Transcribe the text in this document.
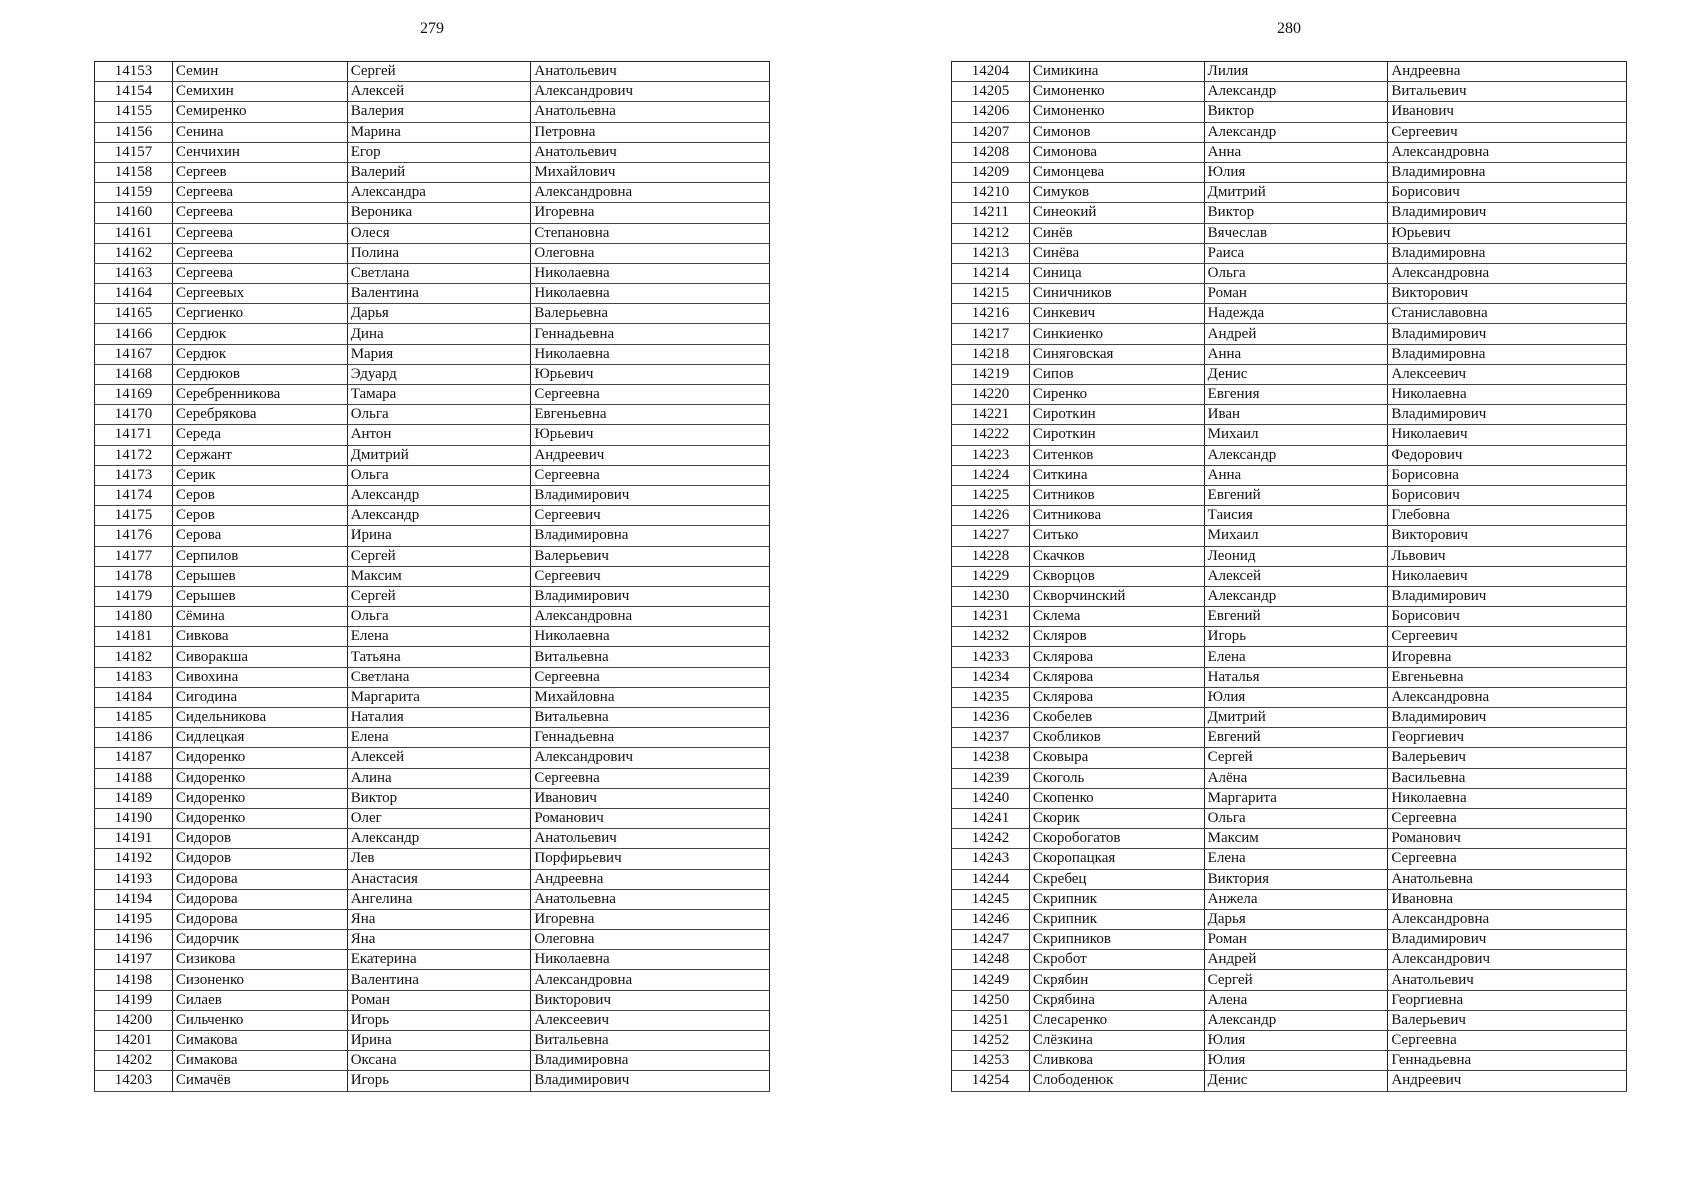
279
14153	Семин	Сергей	Анатольевич
14154	Семихин	Алексей	Александрович
14155	Семиренко	Валерия	Анатольевна
14156	Сенина	Марина	Петровна
14157	Сенчихин	Егор	Анатольевич
14158	Сергеев	Валерий	Михайлович
14159	Сергеева	Александра	Александровна
14160	Сергеева	Вероника	Игоревна
14161	Сергеева	Олеся	Степановна
14162	Сергеева	Полина	Олеговна
14163	Сергеева	Светлана	Николаевна
14164	Сергеевых	Валентина	Николаевна
14165	Сергиенко	Дарья	Валерьевна
14166	Сердюк	Дина	Геннадьевна
14167	Сердюк	Мария	Николаевна
14168	Сердюков	Эдуард	Юрьевич
14169	Серебренникова	Тамара	Сергеевна
14170	Серебрякова	Ольга	Евгеньевна
14171	Середа	Антон	Юрьевич
14172	Сержант	Дмитрий	Андреевич
14173	Серик	Ольга	Сергеевна
14174	Серов	Александр	Владимирович
14175	Серов	Александр	Сергеевич
14176	Серова	Ирина	Владимировна
14177	Серпилов	Сергей	Валерьевич
14178	Серышев	Максим	Сергеевич
14179	Серышев	Сергей	Владимирович
14180	Сёмина	Ольга	Александровна
14181	Сивкова	Елена	Николаевна
14182	Сиворакша	Татьяна	Витальевна
14183	Сивохина	Светлана	Сергеевна
14184	Сигодина	Маргарита	Михайловна
14185	Сидельникова	Наталия	Витальевна
14186	Сидлецкая	Елена	Геннадьевна
14187	Сидоренко	Алексей	Александрович
14188	Сидоренко	Алина	Сергеевна
14189	Сидоренко	Виктор	Иванович
14190	Сидоренко	Олег	Романович
14191	Сидоров	Александр	Анатольевич
14192	Сидоров	Лев	Порфирьевич
14193	Сидорова	Анастасия	Андреевна
14194	Сидорова	Ангелина	Анатольевна
14195	Сидорова	Яна	Игоревна
14196	Сидорчик	Яна	Олеговна
14197	Сизикова	Екатерина	Николаевна
14198	Сизоненко	Валентина	Александровна
14199	Силаев	Роман	Викторович
14200	Сильченко	Игорь	Алексеевич
14201	Симакова	Ирина	Витальевна
14202	Симакова	Оксана	Владимировна
14203	Симачёв	Игорь	Владимирович
280
14204	Симикина	Лилия	Андреевна
14205	Симоненко	Александр	Витальевич
14206	Симоненко	Виктор	Иванович
14207	Симонов	Александр	Сергеевич
14208	Симонова	Анна	Александровна
14209	Симонцева	Юлия	Владимировна
14210	Симуков	Дмитрий	Борисович
14211	Синеокий	Виктор	Владимирович
14212	Синёв	Вячеслав	Юрьевич
14213	Синёва	Раиса	Владимировна
14214	Синица	Ольга	Александровна
14215	Синичников	Роман	Викторович
14216	Синкевич	Надежда	Станиславовна
14217	Синкиенко	Андрей	Владимирович
14218	Синяговская	Анна	Владимировна
14219	Сипов	Денис	Алексеевич
14220	Сиренко	Евгения	Николаевна
14221	Сироткин	Иван	Владимирович
14222	Сироткин	Михаил	Николаевич
14223	Ситенков	Александр	Федорович
14224	Ситкина	Анна	Борисовна
14225	Ситников	Евгений	Борисович
14226	Ситникова	Таисия	Глебовна
14227	Ситько	Михаил	Викторович
14228	Скачков	Леонид	Львович
14229	Скворцов	Алексей	Николаевич
14230	Скворчинский	Александр	Владимирович
14231	Склема	Евгений	Борисович
14232	Скляров	Игорь	Сергеевич
14233	Склярова	Елена	Игоревна
14234	Склярова	Наталья	Евгеньевна
14235	Склярова	Юлия	Александровна
14236	Скобелев	Дмитрий	Владимирович
14237	Скобликов	Евгений	Георгиевич
14238	Сковыра	Сергей	Валерьевич
14239	Скоголь	Алёна	Васильевна
14240	Скопенко	Маргарита	Николаевна
14241	Скорик	Ольга	Сергеевна
14242	Скоробогатов	Максим	Романович
14243	Скоропацкая	Елена	Сергеевна
14244	Скребец	Виктория	Анатольевна
14245	Скрипник	Анжела	Ивановна
14246	Скрипник	Дарья	Александровна
14247	Скрипников	Роман	Владимирович
14248	Скробот	Андрей	Александрович
14249	Скрябин	Сергей	Анатольевич
14250	Скрябина	Алена	Георгиевна
14251	Слесаренко	Александр	Валерьевич
14252	Слёзкина	Юлия	Сергеевна
14253	Сливкова	Юлия	Геннадьевна
14254	Слободенюк	Денис	Андреевич
